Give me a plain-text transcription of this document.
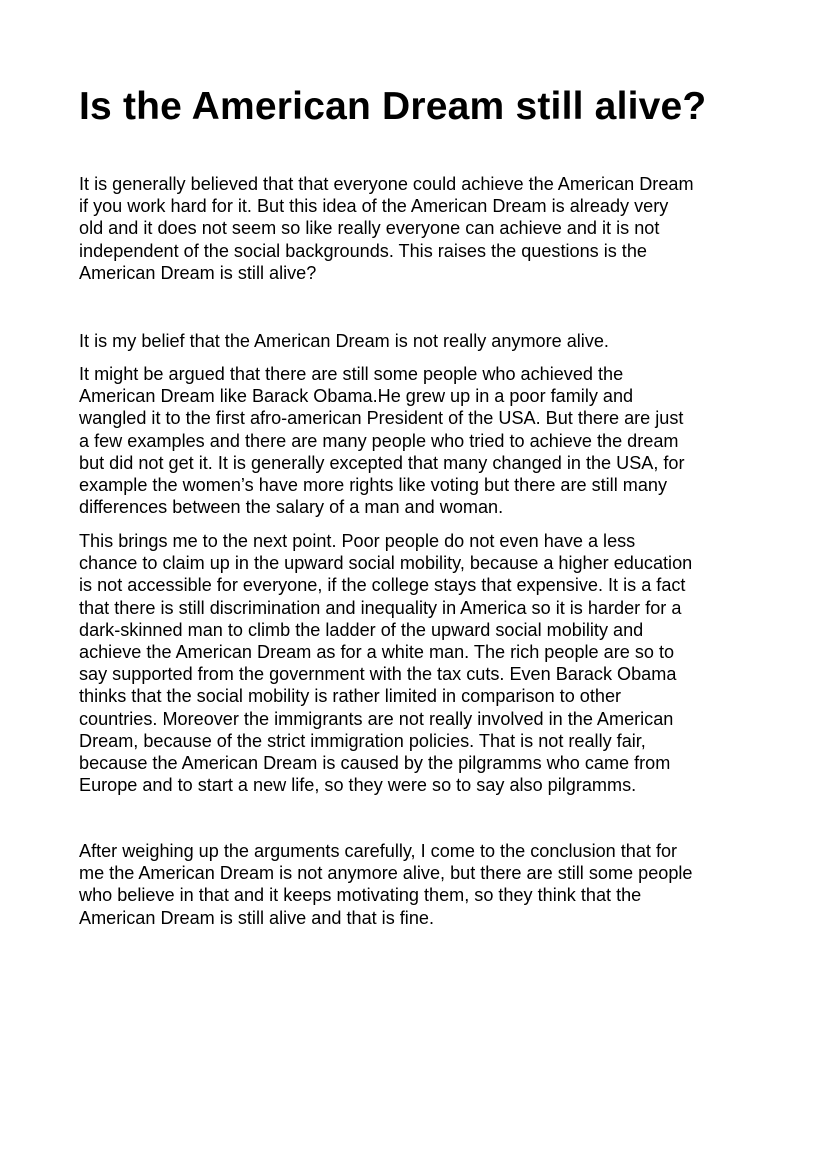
Is the American Dream still alive?

It is generally believed that that everyone could achieve the American Dream
if you work hard for it. But this idea of the American Dream is already very
old and it does not seem so like really everyone can achieve and it is not
independent of the social backgrounds. This raises the questions is the
American Dream is still alive?

It is my belief that the American Dream is not really anymore alive.

It might be argued that there are still some people who achieved the
American Dream like Barack Obama.He grew up in a poor family and
wangled it to the first afro-american President of the USA. But there are just
a few examples and there are many people who tried to achieve the dream
but did not get it. It is generally excepted that many changed in the USA, for
example the women’s have more rights like voting but there are still many
differences between the salary of a man and woman.

This brings me to the next point. Poor people do not even have a less
chance to claim up in the upward social mobility, because a higher education
is not accessible for everyone, if the college stays that expensive. It is a fact
that there is still discrimination and inequality in America so it is harder for a
dark-skinned man to climb the ladder of the upward social mobility and
achieve the American Dream as for a white man. The rich people are so to
say supported from the government with the tax cuts. Even Barack Obama
thinks that the social mobility is rather limited in comparison to other
countries. Moreover the immigrants are not really involved in the American
Dream, because of the strict immigration policies. That is not really fair,
because the American Dream is caused by the pilgramms who came from
Europe and to start a new life, so they were so to say also pilgramms.

After weighing up the arguments carefully, I come to the conclusion that for
me the American Dream is not anymore alive, but there are still some people
who believe in that and it keeps motivating them, so they think that the
American Dream is still alive and that is fine.
